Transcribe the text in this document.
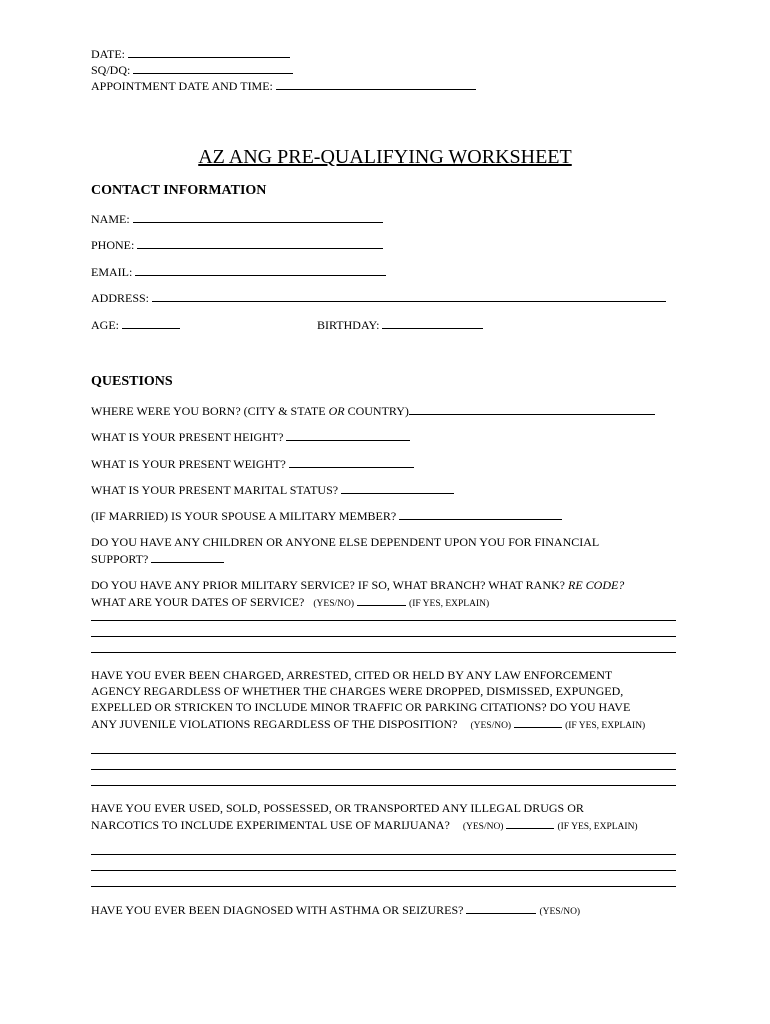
DATE:
SQ/DQ:
APPOINTMENT DATE AND TIME:
AZ ANG PRE-QUALIFYING WORKSHEET
CONTACT INFORMATION
NAME:
PHONE:
EMAIL:
ADDRESS:
AGE:	BIRTHDAY:
QUESTIONS
WHERE WERE YOU BORN? (CITY & STATE OR COUNTRY)
WHAT IS YOUR PRESENT HEIGHT?
WHAT IS YOUR PRESENT WEIGHT?
WHAT IS YOUR PRESENT MARITAL STATUS?
(IF MARRIED) IS YOUR SPOUSE A MILITARY MEMBER?
DO YOU HAVE ANY CHILDREN OR ANYONE ELSE DEPENDENT UPON YOU FOR FINANCIAL
SUPPORT?
DO YOU HAVE ANY PRIOR MILITARY SERVICE? IF SO, WHAT BRANCH? WHAT RANK? RE CODE?
WHAT ARE YOUR DATES OF SERVICE? (YES/NO)	(IF YES, EXPLAIN)
HAVE YOU EVER BEEN CHARGED, ARRESTED, CITED OR HELD BY ANY LAW ENFORCEMENT
AGENCY REGARDLESS OF WHETHER THE CHARGES WERE DROPPED, DISMISSED, EXPUNGED,
EXPELLED OR STRICKEN TO INCLUDE MINOR TRAFFIC OR PARKING CITATIONS? DO YOU HAVE
ANY JUVENILE VIOLATIONS REGARDLESS OF THE DISPOSITION? (YES/NO)	(IF YES, EXPLAIN)
HAVE YOU EVER USED, SOLD, POSSESSED, OR TRANSPORTED ANY ILLEGAL DRUGS OR
NARCOTICS TO INCLUDE EXPERIMENTAL USE OF MARIJUANA? (YES/NO)	(IF YES, EXPLAIN)
HAVE YOU EVER BEEN DIAGNOSED WITH ASTHMA OR SEIZURES?	(YES/NO)
